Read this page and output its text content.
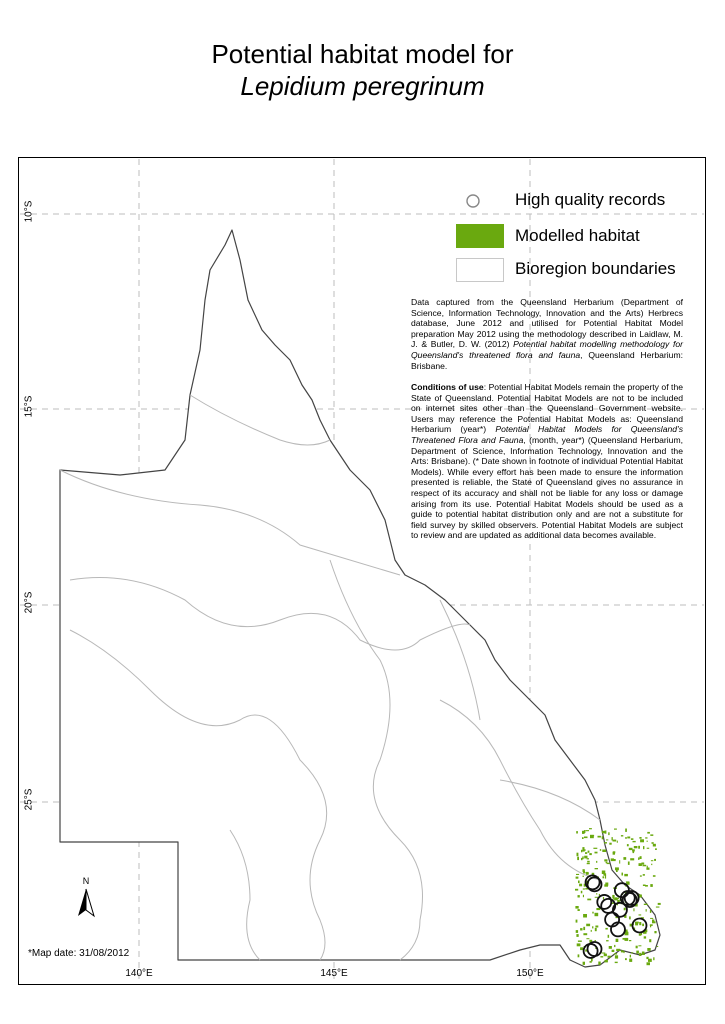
Potential habitat model for
Lepidium peregrinum
10°S
15°S
20°S
25°S
140°E	145°E	150°E
High quality records
Modelled habitat
Bioregion boundaries
Data captured from the Queensland Herbarium (Department of Science, Information Technology, Innovation and the Arts) Herbrecs database, June 2012 and utilised for Potential Habitat Model preparation May 2012 using the methodology described in Laidlaw, M. J. & Butler, D. W. (2012) Potential habitat modelling methodology for Queensland's threatened flora and fauna, Queensland Herbarium: Brisbane.
Conditions of use: Potential Habitat Models remain the property of the State of Queensland. Potential Habitat Models are not to be included on internet sites other than the Queensland Government website. Users may reference the Potential Habitat Models as: Queensland Herbarium (year*) Potential Habitat Models for Queensland's Threatened Flora and Fauna, (month, year*) (Queensland Herbarium, Department of Science, Information Technology, Innovation and the Arts: Brisbane). (* Date shown in footnote of individual Potential Habitat Models). While every effort has been made to ensure the information presented is reliable, the State of Queensland gives no assurance in respect of its accuracy and shall not be liable for any loss or damage arising from its use. Potential Habitat Models should be used as a guide to potential habitat distribution only and are not a substitute for field survey by skilled observers. Potential Habitat Models are subject to review and are updated as additional data becomes available.
N
*Map date: 31/08/2012
